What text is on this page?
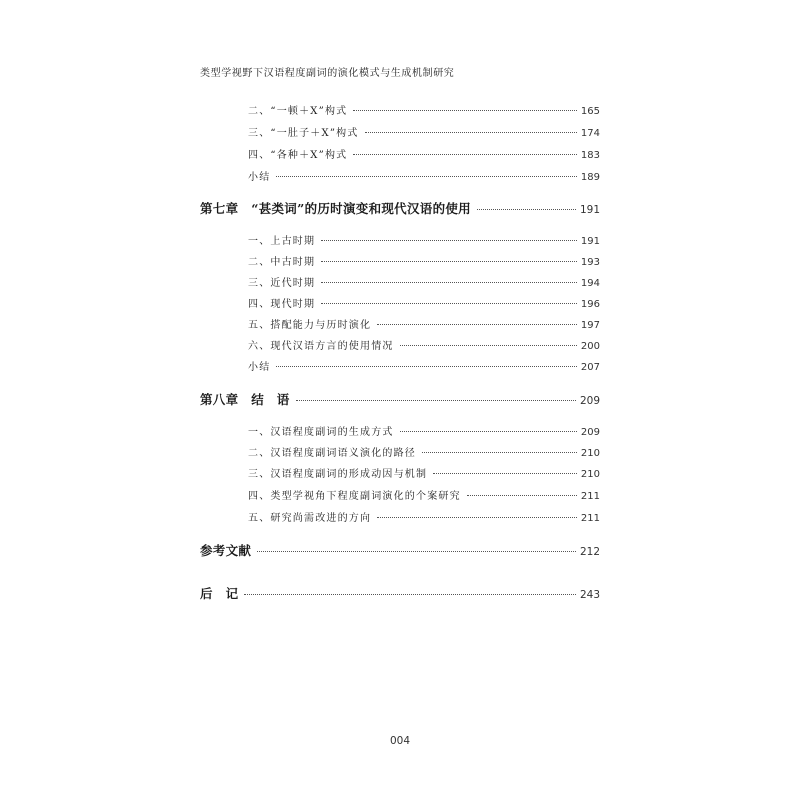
类型学视野下汉语程度副词的演化模式与生成机制研究
二、“一顿＋X”构式	165
三、“一肚子＋X”构式	174
四、“各种＋X”构式	183
小结	189
第七章　“甚类词”的历时演变和现代汉语的使用	191
一、上古时期	191
二、中古时期	193
三、近代时期	194
四、现代时期	196
五、搭配能力与历时演化	197
六、现代汉语方言的使用情况	200
小结	207
第八章　结　语	209
一、汉语程度副词的生成方式	209
二、汉语程度副词语义演化的路径	210
三、汉语程度副词的形成动因与机制	210
四、类型学视角下程度副词演化的个案研究	211
五、研究尚需改进的方向	211
参考文献	212
后　记	243
004
